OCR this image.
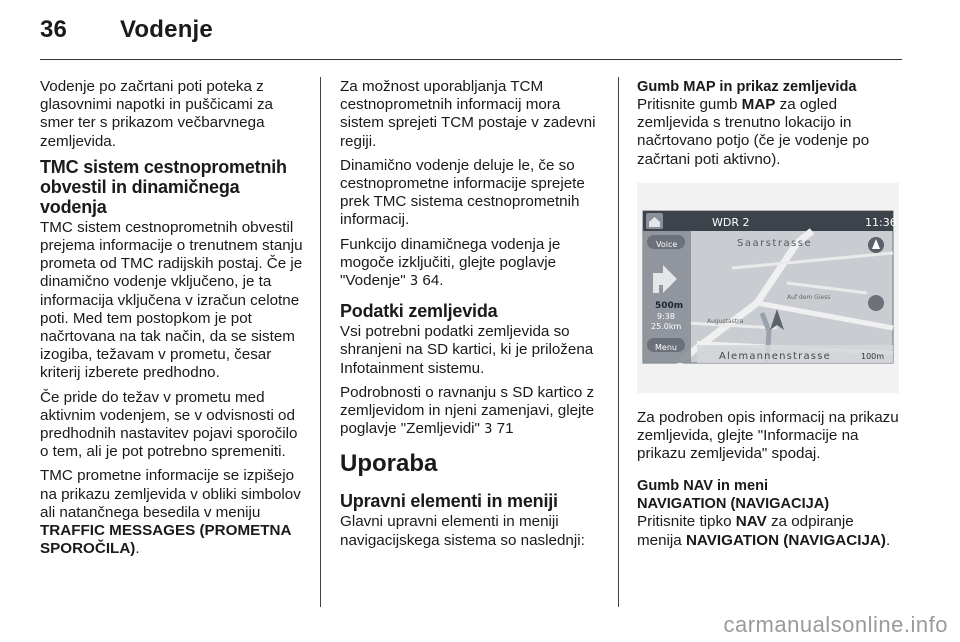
36 Vodenje

Vodenje po začrtani poti poteka z glasovnimi napotki in puščicami za smer ter s prikazom večbarvnega zemljevida.

TMC sistem cestnoprometnih obvestil in dinamičnega vodenja

TMC sistem cestnoprometnih obvestil prejema informacije o trenutnem stanju prometa od TMC radijskih postaj. Če je dinamično vodenje vključeno, je ta informacija vključena v izračun celotne poti. Med tem postopkom je pot načrtovana na tak način, da se sistem izogiba, težavam v prometu, česar kriterij izberete predhodno.

Če pride do težav v prometu med aktivnim vodenjem, se v odvisnosti od predhodnih nastavitev pojavi sporočilo o tem, ali je pot potrebno spremeniti.

TMC prometne informacije se izpišejo na prikazu zemljevida v obliki simbolov ali natančnega besedila v meniju TRAFFIC MESSAGES (PROMETNA SPOROČILA).

Za možnost uporabljanja TCM cestnoprometnih informacij mora sistem sprejeti TCM postaje v zadevni regiji.

Dinamično vodenje deluje le, če so cestnoprometne informacije sprejete prek TMC sistema cestnoprometnih informacij.

Funkcijo dinamičnega vodenja je mogoče izključiti, glejte poglavje "Vodenje" 3 64.

Podatki zemljevida

Vsi potrebni podatki zemljevida so shranjeni na SD kartici, ki je priložena Infotainment sistemu.

Podrobnosti o ravnanju s SD kartico z zemljevidom in njeni zamenjavi, glejte poglavje "Zemljevidi" 3 71

Uporaba
Upravni elementi in meniji

Glavni upravni elementi in meniji navigacijskega sistema so naslednji:

Gumb MAP in prikaz zemljevida

Pritisnite gumb MAP za ogled zemljevida s trenutno lokacijo in načrtovano potjo (če je vodenje po začrtani poti aktivno).

WDR 2	11:36
Voice	Saarstrasse
Auf dem Giess
Augustastra
500m
9:38
25.0km
Menu
Alemannenstrasse	100m

Za podroben opis informacij na prikazu zemljevida, glejte "Informacije na prikazu zemljevida" spodaj.

Gumb NAV in meni
NAVIGATION (NAVIGACIJA)

Pritisnite tipko NAV za odpiranje menija NAVIGATION (NAVIGACIJA).

carmanualsonline.info
